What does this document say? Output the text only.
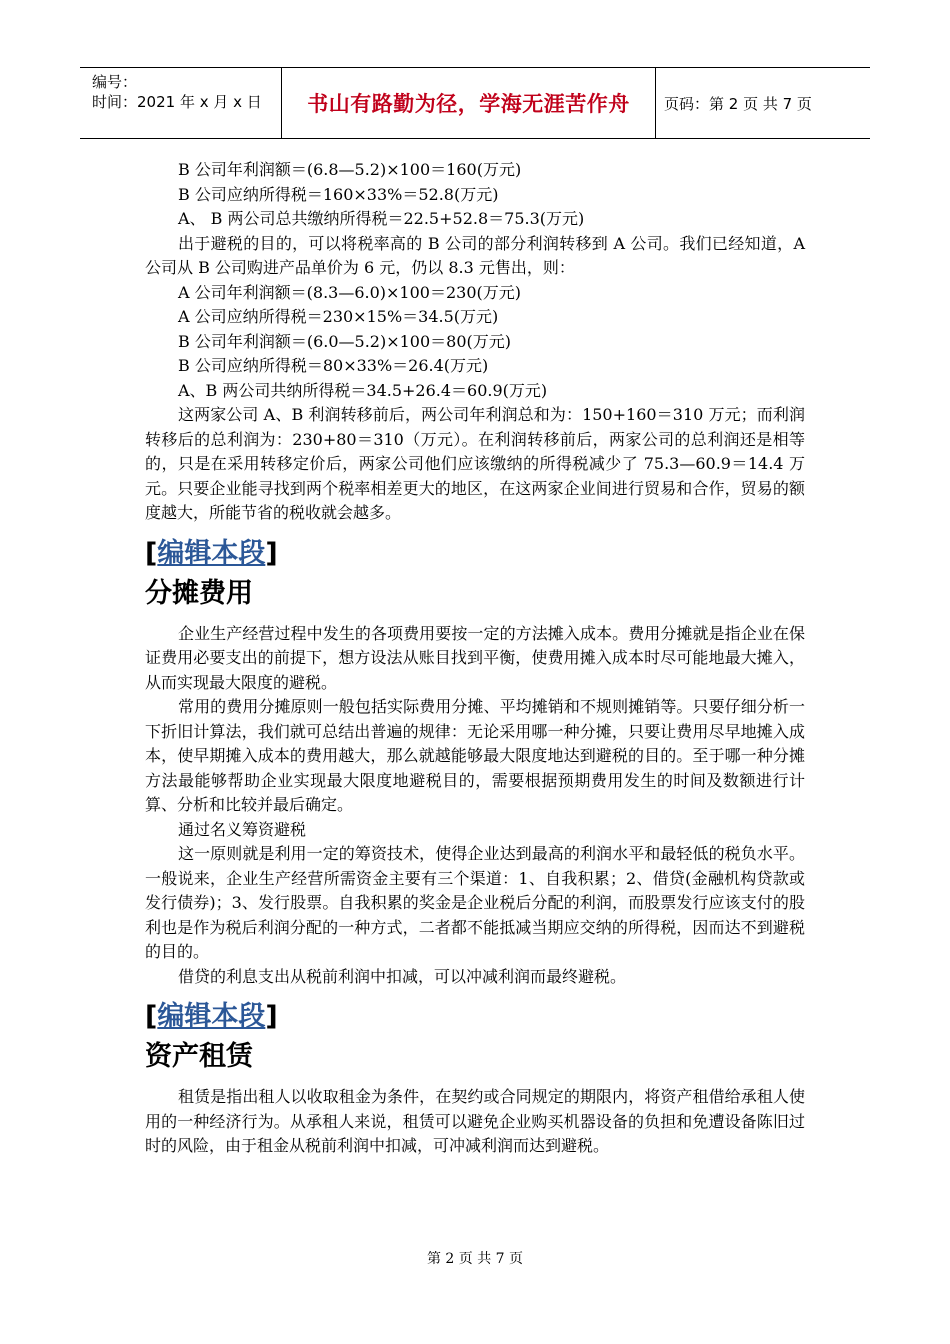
编号：
时间：2021 年 x 月 x 日	书山有路勤为径，学海无涯苦作舟 页码：第 2 页 共 7 页

B 公司年利润额＝(6.8—5.2)×100＝160(万元)

B 公司应纳所得税＝160×33%＝52.8(万元)

A、 B 两公司总共缴纳所得税＝22.5+52.8＝75.3(万元)

出于避税的目的，可以将税率高的 B 公司的部分利润转移到 A 公司。我们已经知道，A 公司从 B 公司购进产品单价为 6 元，仍以 8.3 元售出，则：

A 公司年利润额＝(8.3—6.0)×100＝230(万元)

A 公司应纳所得税＝230×15%＝34.5(万元)

B 公司年利润额＝(6.0—5.2)×100＝80(万元)

B 公司应纳所得税＝80×33%＝26.4(万元)

A、B 两公司共纳所得税＝34.5+26.4＝60.9(万元)

这两家公司 A、B 利润转移前后，两公司年利润总和为：150+160＝310 万元；而利润转移后的总利润为：230+80＝310（万元）。在利润转移前后，两家公司的总利润还是相等的，只是在采用转移定价后，两家公司他们应该缴纳的所得税减少了 75.3—60.9＝14.4 万元。只要企业能寻找到两个税率相差更大的地区，在这两家企业间进行贸易和合作，贸易的额度越大，所能节省的税收就会越多。

[编辑本段]
分摊费用

企业生产经营过程中发生的各项费用要按一定的方法摊入成本。费用分摊就是指企业在保证费用必要支出的前提下，想方设法从账目找到平衡，使费用摊入成本时尽可能地最大摊入，从而实现最大限度的避税。

常用的费用分摊原则一般包括实际费用分摊、平均摊销和不规则摊销等。只要仔细分析一下折旧计算法，我们就可总结出普遍的规律：无论采用哪一种分摊，只要让费用尽早地摊入成本，使早期摊入成本的费用越大，那么就越能够最大限度地达到避税的目的。至于哪一种分摊方法最能够帮助企业实现最大限度地避税目的，需要根据预期费用发生的时间及数额进行计算、分析和比较并最后确定。

通过名义筹资避税

这一原则就是利用一定的筹资技术，使得企业达到最高的利润水平和最轻低的税负水平。一般说来，企业生产经营所需资金主要有三个渠道：1、自我积累；2、借贷(金融机构贷款或发行债券)；3、发行股票。自我积累的奖金是企业税后分配的利润，而股票发行应该支付的股利也是作为税后利润分配的一种方式，二者都不能抵减当期应交纳的所得税，因而达不到避税的目的。

借贷的利息支出从税前利润中扣减，可以冲减利润而最终避税。

[编辑本段]
资产租赁

租赁是指出租人以收取租金为条件，在契约或合同规定的期限内，将资产租借给承租人使用的一种经济行为。从承租人来说，租赁可以避免企业购买机器设备的负担和免遭设备陈旧过时的风险，由于租金从税前利润中扣减，可冲减利润而达到避税。

第 2 页 共 7 页
